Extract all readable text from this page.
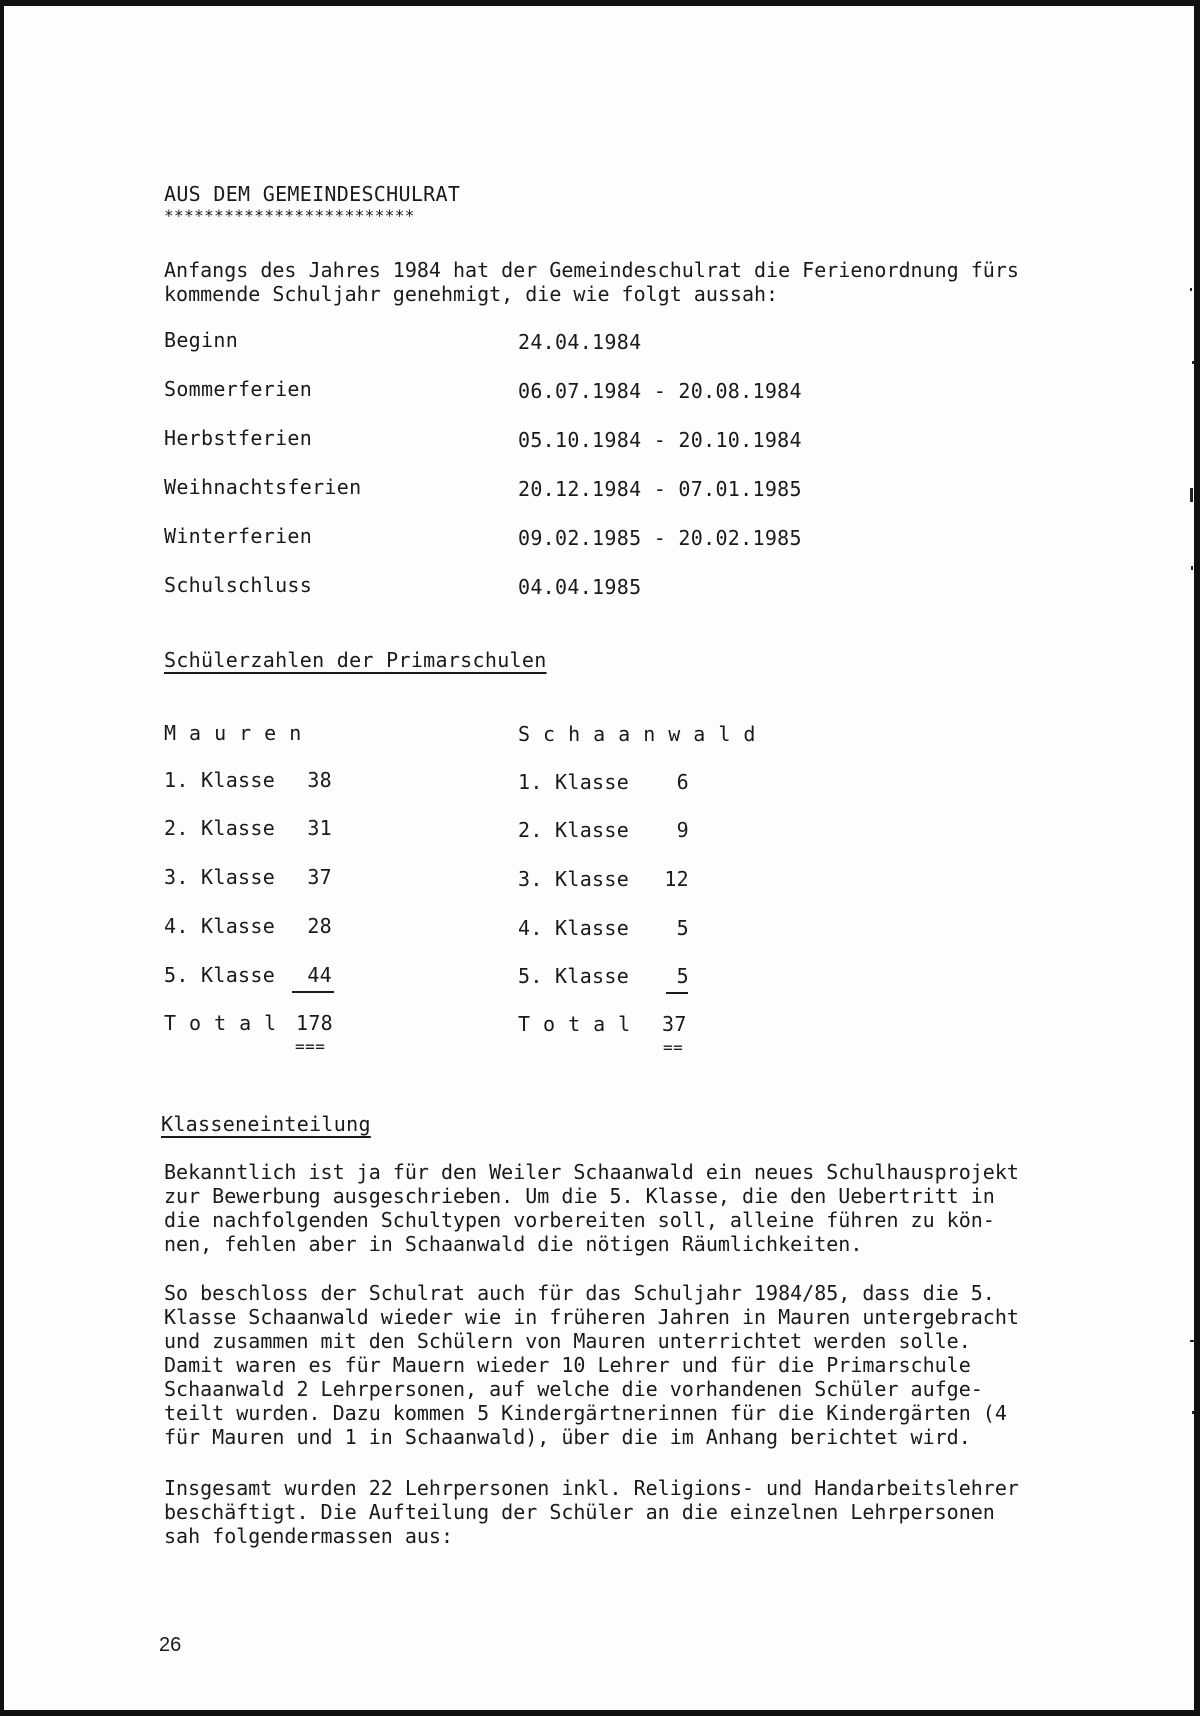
AUS DEM GEMEINDESCHULRAT
*************************
Anfangs des Jahres 1984 hat der Gemeindeschulrat die Ferienordnung fürs
kommende Schuljahr genehmigt, die wie folgt aussah:
Beginn	24.04.1984
Sommerferien	06.07.1984 - 20.08.1984
Herbstferien	05.10.1984 - 20.10.1984
Weihnachtsferien	20.12.1984 - 07.01.1985
Winterferien	09.02.1985 - 20.02.1985
Schulschluss	04.04.1985
Schülerzahlen der Primarschulen
Mauren
1. Klasse	38
2. Klasse	31
3. Klasse	37
4. Klasse	28
5. Klasse	44
Total 178
===
Schaanwald
1. Klasse	6
2. Klasse	9
3. Klasse	12
4. Klasse	5
5. Klasse	5
Total 37
==
Klasseneinteilung
Bekanntlich ist ja für den Weiler Schaanwald ein neues Schulhausprojekt
zur Bewerbung ausgeschrieben. Um die 5. Klasse, die den Uebertritt in
die nachfolgenden Schultypen vorbereiten soll, alleine führen zu kön-
nen, fehlen aber in Schaanwald die nötigen Räumlichkeiten.
So beschloss der Schulrat auch für das Schuljahr 1984/85, dass die 5.
Klasse Schaanwald wieder wie in früheren Jahren in Mauren untergebracht
und zusammen mit den Schülern von Mauren unterrichtet werden solle.
Damit waren es für Mauern wieder 10 Lehrer und für die Primarschule
Schaanwald 2 Lehrpersonen, auf welche die vorhandenen Schüler aufge-
teilt wurden. Dazu kommen 5 Kindergärtnerinnen für die Kindergärten (4
für Mauren und 1 in Schaanwald), über die im Anhang berichtet wird.
Insgesamt wurden 22 Lehrpersonen inkl. Religions- und Handarbeitslehrer
beschäftigt. Die Aufteilung der Schüler an die einzelnen Lehrpersonen
sah folgendermassen aus:
26
